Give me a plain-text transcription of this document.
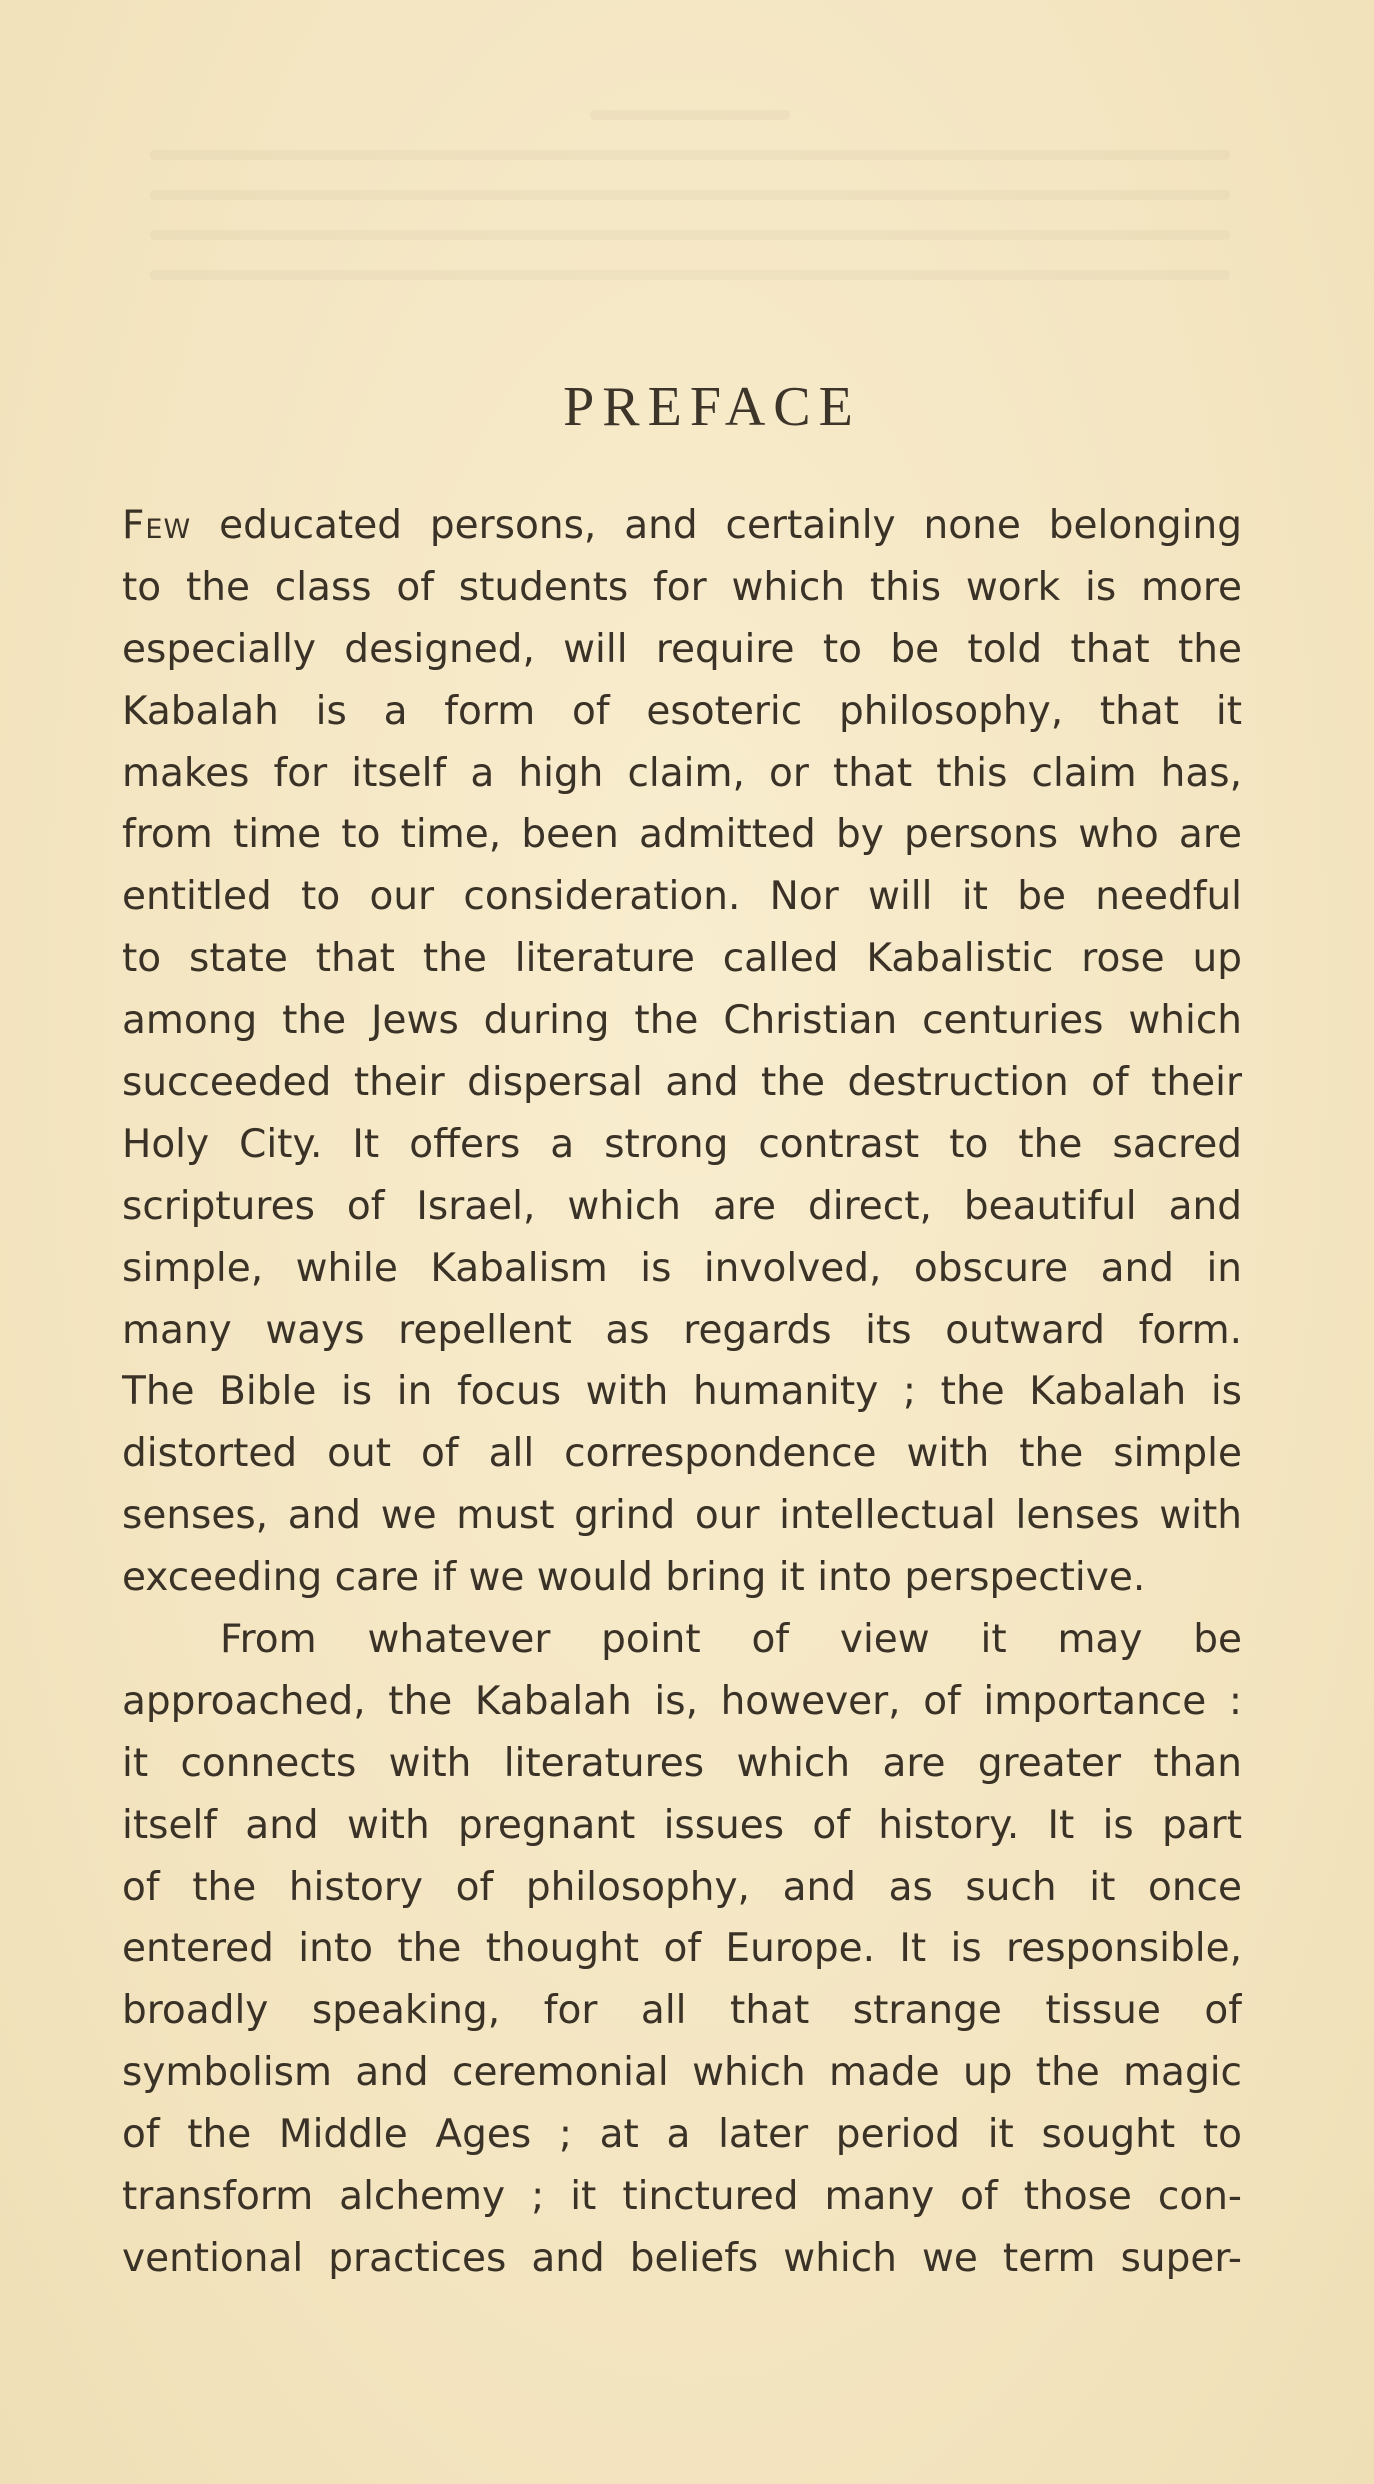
PREFACE

Few educated persons, and certainly none belonging
to the class of students for which this work is more
especially designed, will require to be told that the
Kabalah is a form of esoteric philosophy, that it
makes for itself a high claim, or that this claim has,
from time to time, been admitted by persons who are
entitled to our consideration. Nor will it be needful
to state that the literature called Kabalistic rose up
among the Jews during the Christian centuries which
succeeded their dispersal and the destruction of their
Holy City. It offers a strong contrast to the sacred
scriptures of Israel, which are direct, beautiful and
simple, while Kabalism is involved, obscure and in
many ways repellent as regards its outward form.
The Bible is in focus with humanity ; the Kabalah is
distorted out of all correspondence with the simple
senses, and we must grind our intellectual lenses with
exceeding care if we would bring it into perspective.

From whatever point of view it may be
approached, the Kabalah is, however, of importance :
it connects with literatures which are greater than
itself and with pregnant issues of history. It is part
of the history of philosophy, and as such it once
entered into the thought of Europe. It is responsible,
broadly speaking, for all that strange tissue of
symbolism and ceremonial which made up the magic
of the Middle Ages ; at a later period it sought to
transform alchemy ; it tinctured many of those con-
ventional practices and beliefs which we term super-
